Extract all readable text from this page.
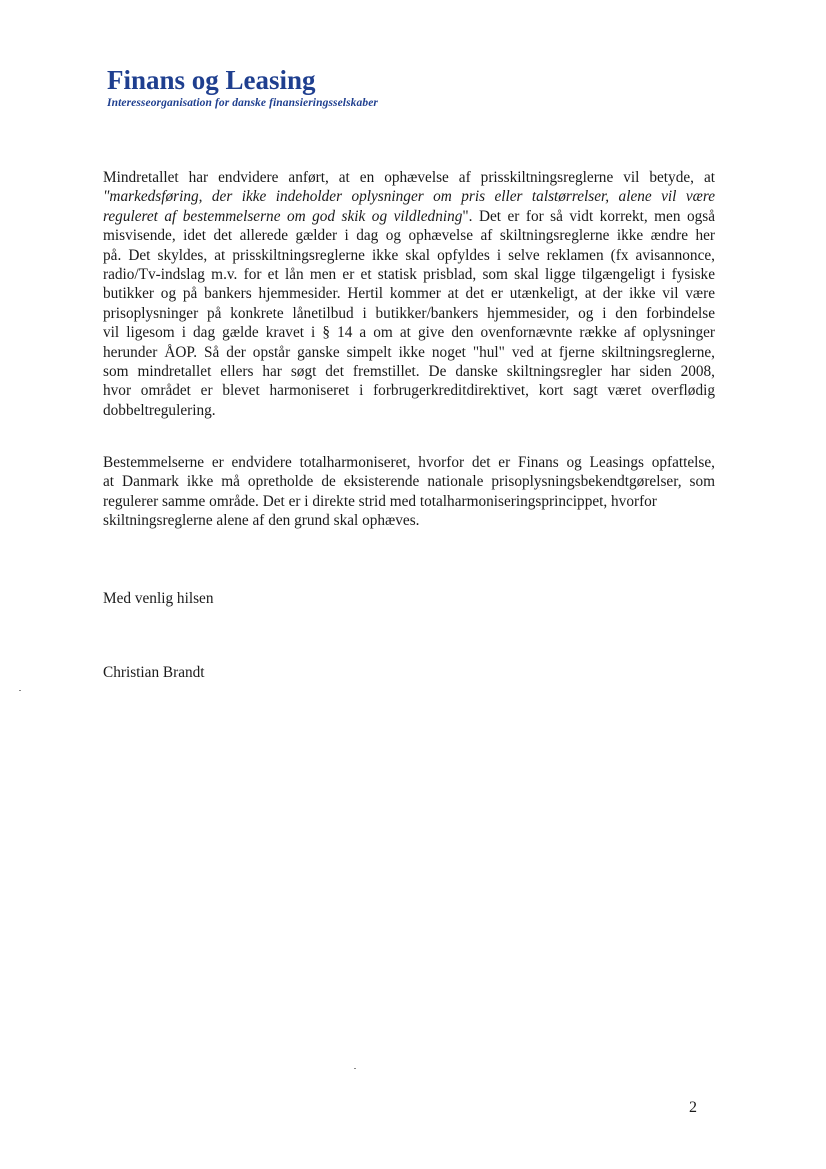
Finans og Leasing

Interesseorganisation for danske finansieringsselskaber

Mindretallet har endvidere anført, at en ophævelse af prisskiltningsreglerne vil betyde, at
"markedsføring, der ikke indeholder oplysninger om pris eller talstørrelser, alene vil være
reguleret af bestemmelserne om god skik og vildledning". Det er for så vidt korrekt, men også
misvisende, idet det allerede gælder i dag og ophævelse af skiltningsreglerne ikke ændre her
på. Det skyldes, at prisskiltningsreglerne ikke skal opfyldes i selve reklamen (fx avisannonce,
radio/Tv-indslag m.v. for et lån men er et statisk prisblad, som skal ligge tilgængeligt i fysiske
butikker og på bankers hjemmesider. Hertil kommer at det er utænkeligt, at der ikke vil være
prisoplysninger på konkrete lånetilbud i butikker/bankers hjemmesider, og i den forbindelse
vil ligesom i dag gælde kravet i § 14 a om at give den ovenfornævnte række af oplysninger
herunder ÅOP. Så der opstår ganske simpelt ikke noget "hul" ved at fjerne skiltningsreglerne,
som mindretallet ellers har søgt det fremstillet. De danske skiltningsregler har siden 2008,
hvor området er blevet harmoniseret i forbrugerkreditdirektivet, kort sagt været overflødig
dobbeltregulering.
Bestemmelserne er endvidere totalharmoniseret, hvorfor det er Finans og Leasings opfattelse,
at Danmark ikke må opretholde de eksisterende nationale prisoplysningsbekendtgørelser, som
regulerer samme område. Det er i direkte strid med totalharmoniseringsprincippet, hvorfor
skiltningsreglerne alene af den grund skal ophæves.

Med venlig hilsen

Christian Brandt

2
